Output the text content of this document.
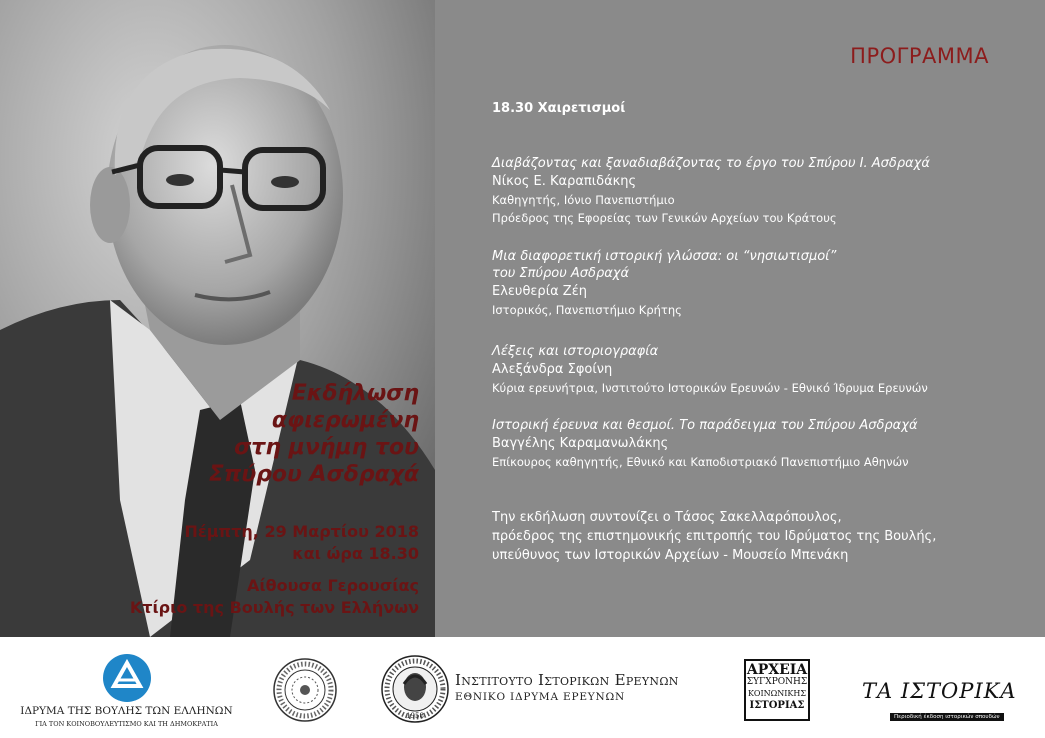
Εκδήλωση
αφιερωμένη
στη μνήμη του
Σπύρου Ασδραχά
Πέμπτη, 29 Μαρτίου 2018
και ώρα 18.30
Αίθουσα Γερουσίας
Κτίριο της Βουλής των Ελλήνων
ΠΡΟΓΡΑΜΜΑ
18.30 Χαιρετισμοί
Διαβάζοντας και ξαναδιαβάζοντας το έργο του Σπύρου Ι. Ασδραχά
Νίκος Ε. Καραπιδάκης
Καθηγητής, Ιόνιο Πανεπιστήμιο
Πρόεδρος της Εφορείας των Γενικών Αρχείων του Κράτους
Μια διαφορετική ιστορική γλώσσα: οι “νησιωτισμοί”
του Σπύρου Ασδραχά
Ελευθερία Ζέη
Ιστορικός, Πανεπιστήμιο Κρήτης
Λέξεις και ιστοριογραφία
Αλεξάνδρα Σφοίνη
Κύρια ερευνήτρια, Ινστιτούτο Ιστορικών Ερευνών - Εθνικό Ίδρυμα Ερευνών
Ιστορική έρευνα και θεσμοί. Το παράδειγμα του Σπύρου Ασδραχά
Βαγγέλης Καραμανωλάκης
Επίκουρος καθηγητής, Εθνικό και Καποδιστριακό Πανεπιστήμιο Αθηνών
Την εκδήλωση συντονίζει ο Τάσος Σακελλαρόπουλος,
πρόεδρος της επιστημονικής επιτροπής του Ιδρύματος της Βουλής,
υπεύθυνος των Ιστορικών Αρχείων - Μουσείο Μπενάκη
ΙΔΡΥΜΑ ΤΗΣ ΒΟΥΛΗΣ ΤΩΝ ΕΛΛΗΝΩΝ
ΓΙΑ ΤΟΝ ΚΟΙΝΟΒΟΥΛΕΥΤΙΣΜΟ ΚΑΙ ΤΗ ΔΗΜΟΚΡΑΤΙΑ
1958
Ινστιτουτο Ιστορικων Ερευνων
ΕΘΝΙΚΟ ΙΔΡΥΜΑ ΕΡΕΥΝΩΝ
ΑΡΧΕΙΑ
ΣΥΓΧΡΟΝΗΣ
ΚΟΙΝΩΝΙΚΗΣ
ΙΣΤΟΡΙΑΣ
ΤΑ ΙΣΤΟΡΙΚΑ
Περιοδική έκδοση ιστορικών σπουδών
